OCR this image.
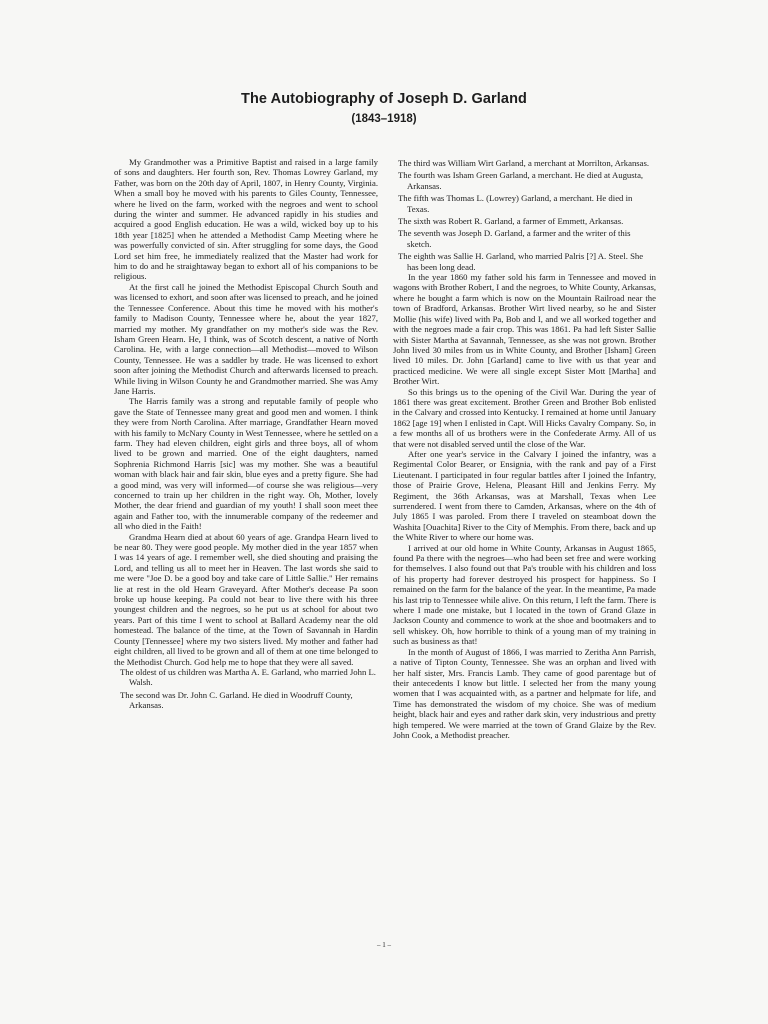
The Autobiography of Joseph D. Garland
(1843–1918)

My Grandmother was a Primitive Baptist and raised in a large family of sons and daughters. Her fourth son, Rev. Thomas Lowrey Garland, my Father, was born on the 20th day of April, 1807, in Henry County, Virginia. When a small boy he moved with his parents to Giles County, Tennessee, where he lived on the farm, worked with the negroes and went to school during the winter and summer. He advanced rapidly in his studies and acquired a good English education. He was a wild, wicked boy up to his 18th year [1825] when he attended a Methodist Camp Meeting where he was powerfully convicted of sin. After struggling for some days, the Good Lord set him free, he immediately realized that the Master had work for him to do and he straightaway began to exhort all of his companions to be religious.

At the first call he joined the Methodist Episcopal Church South and was licensed to exhort, and soon after was licensed to preach, and he joined the Tennessee Conference. About this time he moved with his mother's family to Madison County, Tennessee where he, about the year 1827, married my mother. My grandfather on my mother's side was the Rev. Isham Green Hearn. He, I think, was of Scotch descent, a native of North Carolina. He, with a large connection—all Methodist—moved to Wilson County, Tennessee. He was a saddler by trade. He was licensed to exhort soon after joining the Methodist Church and afterwards licensed to preach. While living in Wilson County he and Grandmother married. She was Amy Jane Harris.

The Harris family was a strong and reputable family of people who gave the State of Tennessee many great and good men and women. I think they were from North Carolina. After marriage, Grandfather Hearn moved with his family to McNary County in West Tennessee, where he settled on a farm. They had eleven children, eight girls and three boys, all of whom lived to be grown and married. One of the eight daughters, named Sophrenia Richmond Harris [sic] was my mother. She was a beautiful woman with black hair and fair skin, blue eyes and a pretty figure. She had a good mind, was very will informed—of course she was religious—very concerned to train up her children in the right way. Oh, Mother, lovely Mother, the dear friend and guardian of my youth! I shall soon meet thee again and Father too, with the innumerable company of the redeemer and all who died in the Faith!

Grandma Hearn died at about 60 years of age. Grandpa Hearn lived to be near 80. They were good people. My mother died in the year 1857 when I was 14 years of age. I remember well, she died shouting and praising the Lord, and telling us all to meet her in Heaven. The last words she said to me were "Joe D. be a good boy and take care of Little Sallie." Her remains lie at rest in the old Hearn Graveyard. After Mother's decease Pa soon broke up house keeping. Pa could not bear to live there with his three youngest children and the negroes, so he put us at school for about two years. Part of this time I went to school at Ballard Academy near the old homestead. The balance of the time, at the Town of Savannah in Hardin County [Tennessee] where my two sisters lived. My mother and father had eight children, all lived to be grown and all of them at one time belonged to the Methodist Church. God help me to hope that they were all saved.

The oldest of us children was Martha A. E. Garland, who married John L. Walsh.

The second was Dr. John C. Garland. He died in Woodruff County, Arkansas.

The third was William Wirt Garland, a merchant at Morrilton, Arkansas.

The fourth was Isham Green Garland, a merchant. He died at Augusta, Arkansas.

The fifth was Thomas L. (Lowrey) Garland, a merchant. He died in Texas.

The sixth was Robert R. Garland, a farmer of Emmett, Arkansas.

The seventh was Joseph D. Garland, a farmer and the writer of this sketch.

The eighth was Sallie H. Garland, who married Palris [?] A. Steel. She has been long dead.

In the year 1860 my father sold his farm in Tennessee and moved in wagons with Brother Robert, I and the negroes, to White County, Arkansas, where he bought a farm which is now on the Mountain Railroad near the town of Bradford, Arkansas. Brother Wirt lived nearby, so he and Sister Mollie (his wife) lived with Pa, Bob and I, and we all worked together and with the negroes made a fair crop. This was 1861. Pa had left Sister Sallie with Sister Martha at Savannah, Tennessee, as she was not grown. Brother John lived 30 miles from us in White County, and Brother [Isham] Green lived 10 miles. Dr. John [Garland] came to live with us that year and practiced medicine. We were all single except Sister Mott [Martha] and Brother Wirt.

So this brings us to the opening of the Civil War. During the year of 1861 there was great excitement. Brother Green and Brother Bob enlisted in the Calvary and crossed into Kentucky. I remained at home until January 1862 [age 19] when I enlisted in Capt. Will Hicks Cavalry Company. So, in a few months all of us brothers were in the Confederate Army. All of us that were not disabled served until the close of the War.

After one year's service in the Calvary I joined the infantry, was a Regimental Color Bearer, or Ensignia, with the rank and pay of a First Lieutenant. I participated in four regular battles after I joined the Infantry, those of Prairie Grove, Helena, Pleasant Hill and Jenkins Ferry. My Regiment, the 36th Arkansas, was at Marshall, Texas when Lee surrendered. I went from there to Camden, Arkansas, where on the 4th of July 1865 I was paroled. From there I traveled on steamboat down the Washita [Ouachita] River to the City of Memphis. From there, back and up the White River to where our home was.

I arrived at our old home in White County, Arkansas in August 1865, found Pa there with the negroes—who had been set free and were working for themselves. I also found out that Pa's trouble with his children and loss of his property had forever destroyed his prospect for happiness. So I remained on the farm for the balance of the year. In the meantime, Pa made his last trip to Tennessee while alive. On this return, I left the farm. There is where I made one mistake, but I located in the town of Grand Glaze in Jackson County and commence to work at the shoe and bootmakers and to sell whiskey. Oh, how horrible to think of a young man of my training in such as business as that!

In the month of August of 1866, I was married to Zeritha Ann Parrish, a native of Tipton County, Tennessee. She was an orphan and lived with her half sister, Mrs. Francis Lamb. They came of good parentage but of their antecedents I know but little. I selected her from the many young women that I was acquainted with, as a partner and helpmate for life, and Time has demonstrated the wisdom of my choice. She was of medium height, black hair and eyes and rather dark skin, very industrious and pretty high tempered. We were married at the town of Grand Glaize by the Rev. John Cook, a Methodist preacher.

– 1 –
